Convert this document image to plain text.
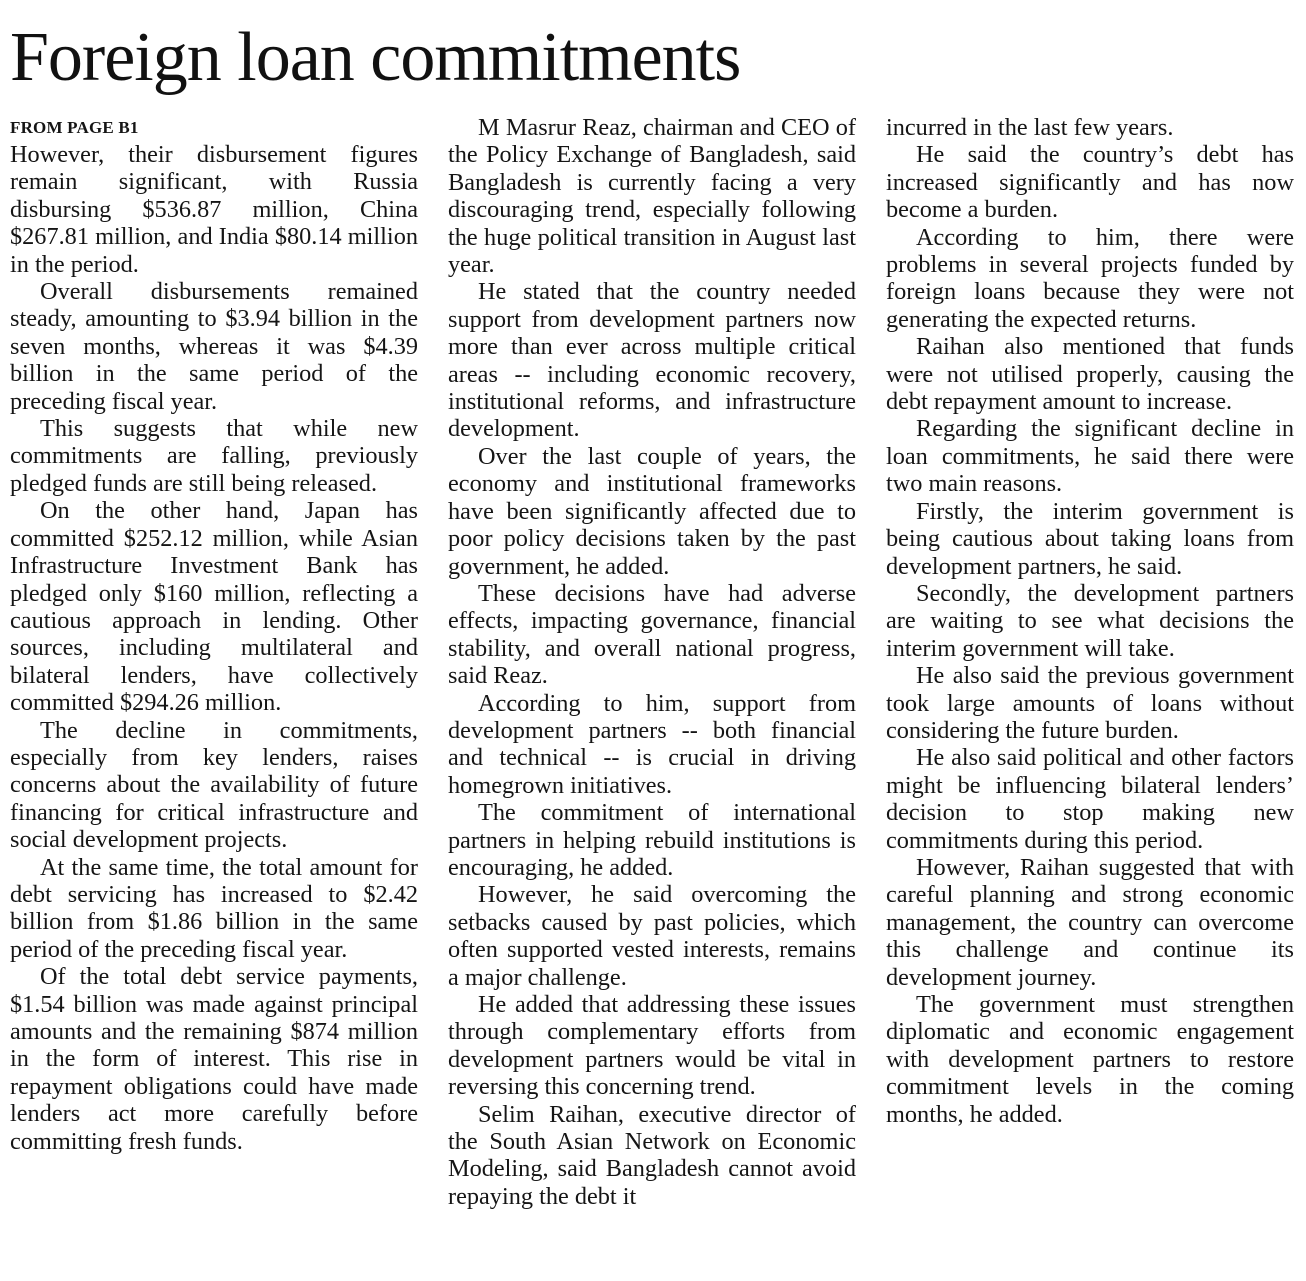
Foreign loan commitments
FROM PAGE B1

However, their disbursement figures remain significant, with Russia disbursing $536.87 million, China $267.81 million, and India $80.14 million in the period.

Overall disbursements remained steady, amounting to $3.94 billion in the seven months, whereas it was $4.39 billion in the same period of the preceding fiscal year.

This suggests that while new commitments are falling, previously pledged funds are still being released.

On the other hand, Japan has committed $252.12 million, while Asian Infrastructure Investment Bank has pledged only $160 million, reflecting a cautious approach in lending. Other sources, including multilateral and bilateral lenders, have collectively committed $294.26 million.

The decline in commitments, especially from key lenders, raises concerns about the availability of future financing for critical infrastructure and social development projects.

At the same time, the total amount for debt servicing has increased to $2.42 billion from $1.86 billion in the same period of the preceding fiscal year.

Of the total debt service payments, $1.54 billion was made against principal amounts and the remaining $874 million in the form of interest. This rise in repayment obligations could have made lenders act more carefully before committing fresh funds.

M Masrur Reaz, chairman and CEO of the Policy Exchange of Bangladesh, said Bangladesh is currently facing a very discouraging trend, especially following the huge political transition in August last year.

He stated that the country needed support from development partners now more than ever across multiple critical areas -- including economic recovery, institutional reforms, and infrastructure development.

Over the last couple of years, the economy and institutional frameworks have been significantly affected due to poor policy decisions taken by the past government, he added.

These decisions have had adverse effects, impacting governance, financial stability, and overall national progress, said Reaz.

According to him, support from development partners -- both financial and technical -- is crucial in driving homegrown initiatives.

The commitment of international partners in helping rebuild institutions is encouraging, he added.

However, he said overcoming the setbacks caused by past policies, which often supported vested interests, remains a major challenge.

He added that addressing these issues through complementary efforts from development partners would be vital in reversing this concerning trend.

Selim Raihan, executive director of the South Asian Network on Economic Modeling, said Bangladesh cannot avoid repaying the debt it

incurred in the last few years.

He said the country’s debt has increased significantly and has now become a burden.

According to him, there were problems in several projects funded by foreign loans because they were not generating the expected returns.

Raihan also mentioned that funds were not utilised properly, causing the debt repayment amount to increase.

Regarding the significant decline in loan commitments, he said there were two main reasons.

Firstly, the interim government is being cautious about taking loans from development partners, he said.

Secondly, the development partners are waiting to see what decisions the interim government will take.

He also said the previous government took large amounts of loans without considering the future burden.

He also said political and other factors might be influencing bilateral lenders’ decision to stop making new commitments during this period.

However, Raihan suggested that with careful planning and strong economic management, the country can overcome this challenge and continue its development journey.

The government must strengthen diplomatic and economic engagement with development partners to restore commitment levels in the coming months, he added.
